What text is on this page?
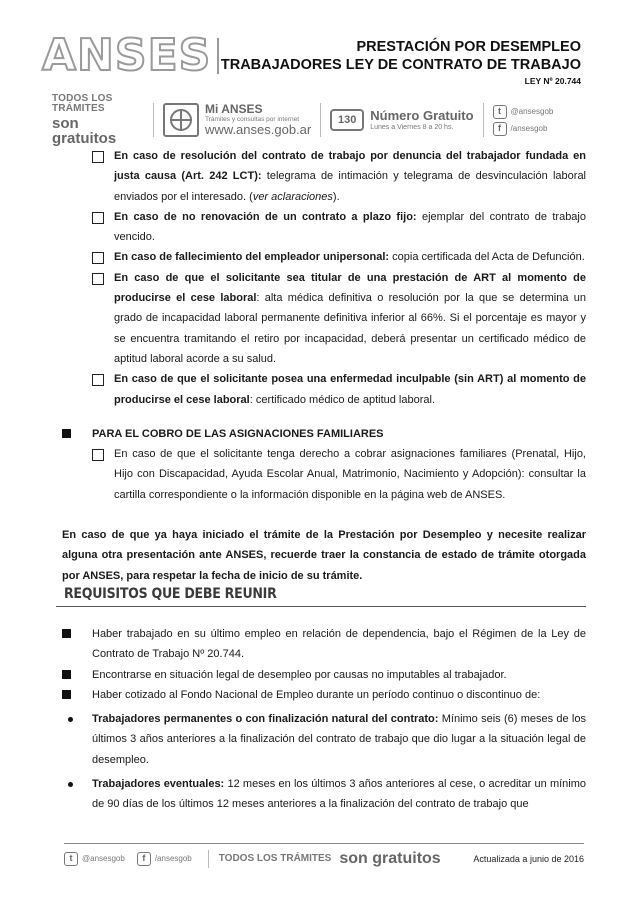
ANSES	PRESTACIÓN POR DESEMPLEO
TRABAJADORES LEY DE CONTRATO DE TRABAJO
LEY Nº 20.744
TODOS LOS TRÁMITES
son gratuitos
Mi ANSES
Trámites y consultas por internet
www.anses.gob.ar
130	Número Gratuito
Lunes a Viernes 8 a 20 hs.
t	@ansesgob
f	/ansesgob
En caso de resolución del contrato de trabajo por denuncia del trabajador fundada en justa causa (Art. 242 LCT): telegrama de intimación y telegrama de desvinculación laboral enviados por el interesado. (ver aclaraciones).
En caso de no renovación de un contrato a plazo fijo: ejemplar del contrato de trabajo vencido.
En caso de fallecimiento del empleador unipersonal: copia certificada del Acta de Defunción.
En caso de que el solicitante sea titular de una prestación de ART al momento de producirse el cese laboral: alta médica definitiva o resolución por la que se determina un grado de incapacidad laboral permanente definitiva inferior al 66%. Si el porcentaje es mayor y se encuentra tramitando el retiro por incapacidad, deberá presentar un certificado médico de aptitud laboral acorde a su salud.
En caso de que el solicitante posea una enfermedad inculpable (sin ART) al momento de producirse el cese laboral: certificado médico de aptitud laboral.
PARA EL COBRO DE LAS ASIGNACIONES FAMILIARES
En caso de que el solicitante tenga derecho a cobrar asignaciones familiares (Prenatal, Hijo, Hijo con Discapacidad, Ayuda Escolar Anual, Matrimonio, Nacimiento y Adopción): consultar la cartilla correspondiente o la información disponible en la página web de ANSES.
En caso de que ya haya iniciado el trámite de la Prestación por Desempleo y necesite realizar alguna otra presentación ante ANSES, recuerde traer la constancia de estado de trámite otorgada por ANSES, para respetar la fecha de inicio de su trámite.
REQUISITOS QUE DEBE REUNIR
Haber trabajado en su último empleo en relación de dependencia, bajo el Régimen de la Ley de Contrato de Trabajo Nº 20.744.
Encontrarse en situación legal de desempleo por causas no imputables al trabajador.
Haber cotizado al Fondo Nacional de Empleo durante un período continuo o discontinuo de:
Trabajadores permanentes o con finalización natural del contrato: Mínimo seis (6) meses de los últimos 3 años anteriores a la finalización del contrato de trabajo que dio lugar a la situación legal de desempleo.
Trabajadores eventuales: 12 meses en los últimos 3 años anteriores al cese, o acreditar un mínimo de 90 días de los últimos 12 meses anteriores a la finalización del contrato de trabajo que
t	@ansesgob	f	/ansesgob	TODOS LOS TRÁMITES son gratuitos	Actualizada a junio de 2016
